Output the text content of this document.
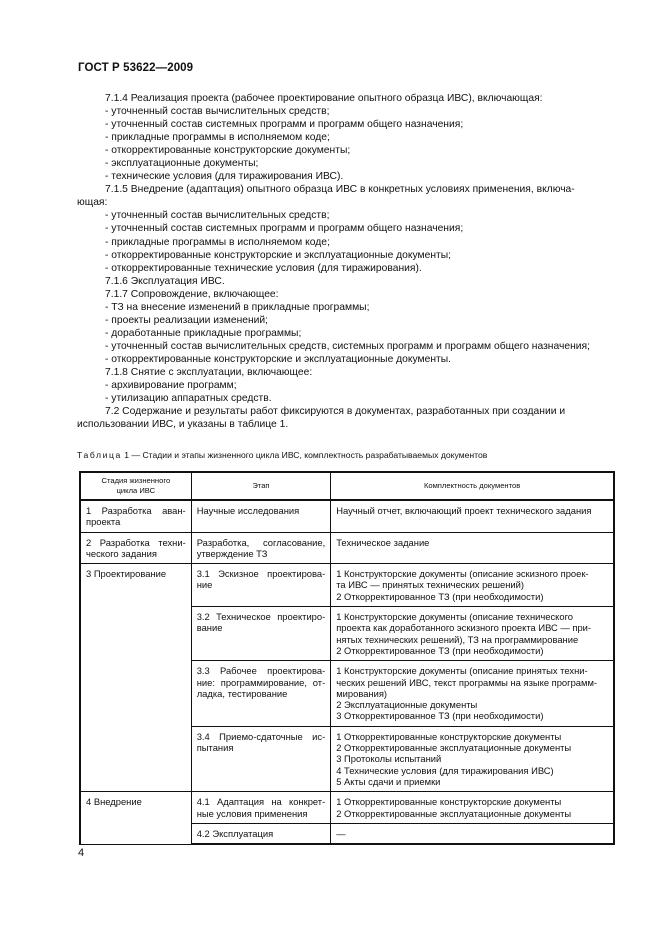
ГОСТ Р 53622—2009
7.1.4 Реализация проекта (рабочее проектирование опытного образца ИВС), включающая:
- уточненный состав вычислительных средств;
- уточненный состав системных программ и программ общего назначения;
- прикладные программы в исполняемом коде;
- откорректированные конструкторские документы;
- эксплуатационные документы;
- технические условия (для тиражирования ИВС).
7.1.5 Внедрение (адаптация) опытного образца ИВС в конкретных условиях применения, включа-
ющая:
- уточненный состав вычислительных средств;
- уточненный состав системных программ и программ общего назначения;
- прикладные программы в исполняемом коде;
- откорректированные конструкторские и эксплуатационные документы;
- откорректированные технические условия (для тиражирования).
7.1.6 Эксплуатация ИВС.
7.1.7 Сопровождение, включающее:
- ТЗ на внесение изменений в прикладные программы;
- проекты реализации изменений;
- доработанные прикладные программы;
- уточненный состав вычислительных средств, системных программ и программ общего назначения;
- откорректированные конструкторские и эксплуатационные документы.
7.1.8 Снятие с эксплуатации, включающее:
- архивирование программ;
- утилизацию аппаратных средств.
7.2 Содержание и результаты работ фиксируются в документах, разработанных при создании и
использовании ИВС, и указаны в таблице 1.
Таблица 1 — Стадии и этапы жизненного цикла ИВС, комплектность разрабатываемых документов
Стадия жизненного
цикла ИВС	Этап	Комплектность документов

1 Разработка аван-
проекта	Научные исследования	Научный отчет, включающий проект технического задания

2 Разработка техни-
ческого задания	Разработка, согласование,
утверждение ТЗ	Техническое задание
3 Проектирование	3.1 Эскизное проектирова-
ние	1 Конструкторские документы (описание эскизного проек-
та ИВС — принятых технических решений)
2 Откорректированное ТЗ (при необходимости)

	3.2 Техническое проектиро-
вание	1 Конструкторские документы (описание технического
проекта как доработанного эскизного проекта ИВС — при-
нятых технических решений), ТЗ на программирование
2 Откорректированное ТЗ (при необходимости)

	3.3 Рабочее проектирова-
ние: программирование, от-
ладка, тестирование	1 Конструкторские документы (описание принятых техни-
ческих решений ИВС, текст программы на языке программ-
мирования)
2 Эксплуатационные документы
3 Откорректированное ТЗ (при необходимости)

	3.4 Приемо-сдаточные ис-
пытания	1 Откорректированные конструкторские документы
2 Откорректированные эксплуатационные документы
3 Протоколы испытаний
4 Технические условия (для тиражирования ИВС)
5 Акты сдачи и приемки

4 Внедрение	4.1 Адаптация на конкрет-
ные условия применения	1 Откорректированные конструкторские документы
2 Откорректированные эксплуатационные документы

	4.2 Эксплуатация	—
4
